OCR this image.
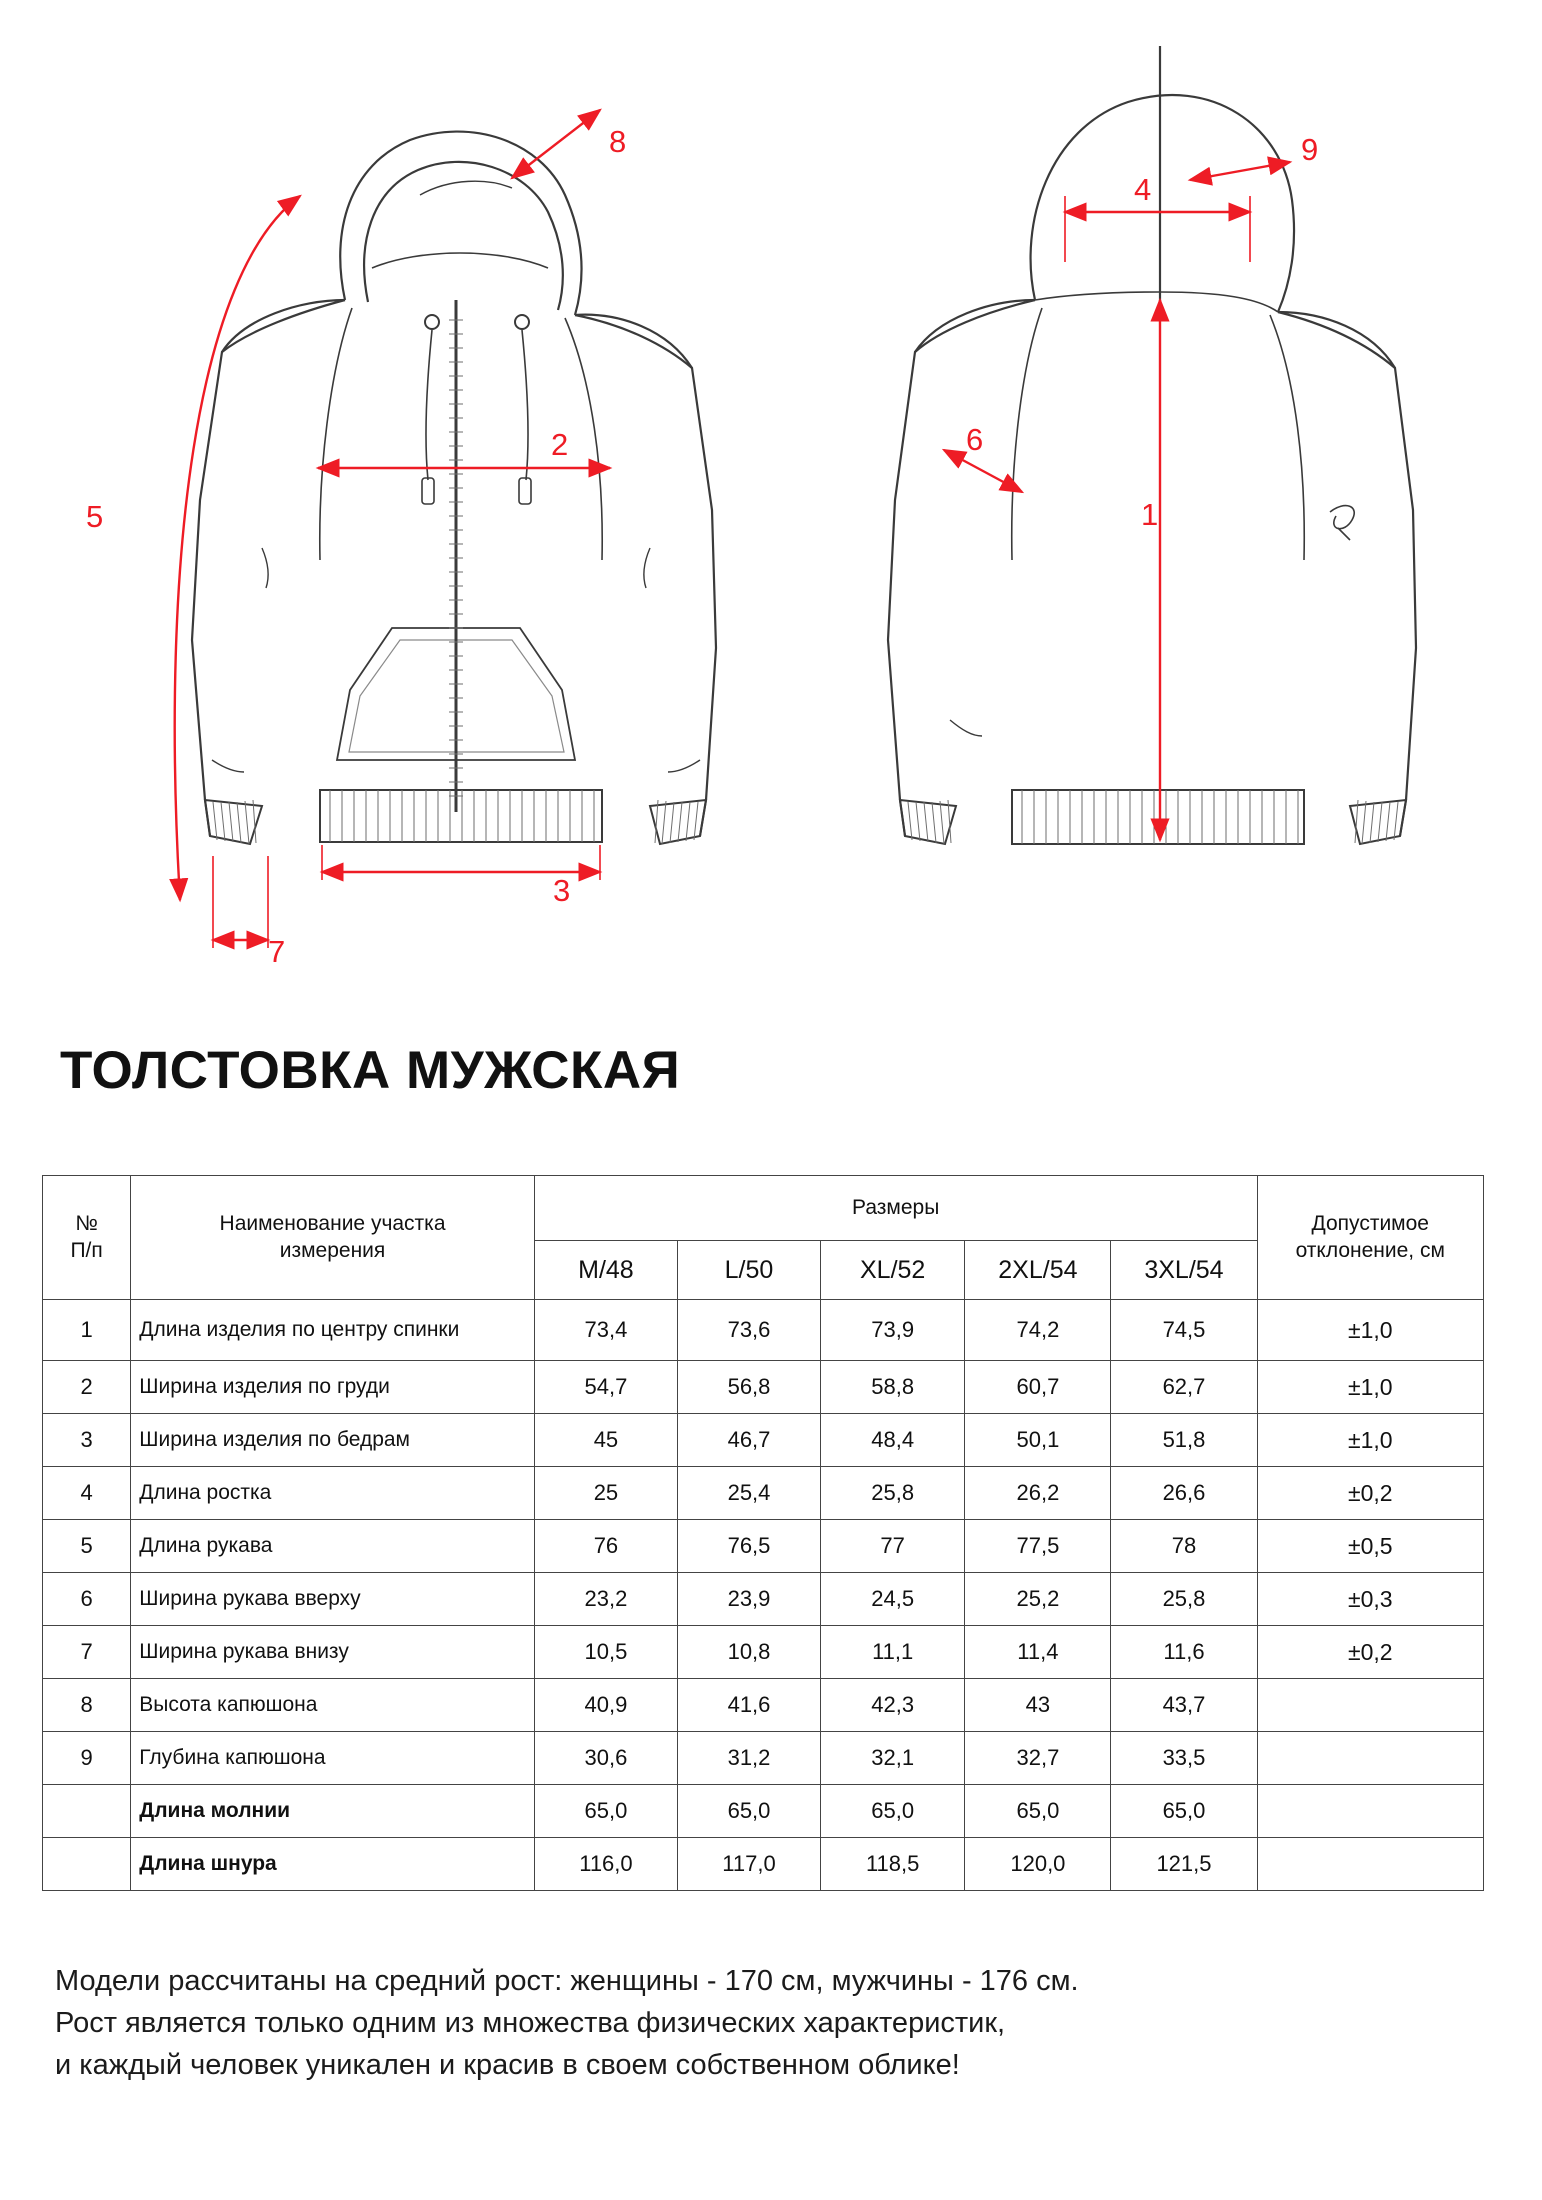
8
2
5
3
7
9
4
6
1
ТОЛСТОВКА МУЖСКАЯ
№
П/п

Наименование участка
измерения
	Размеры	
Допустимое
отклонение, см

		M/48	L/50	XL/52	2XL/54	3XL/54	
1	Длина изделия по центру спинки	73,4	73,6	73,9	74,2	74,5	±1,0
2	Ширина изделия по груди	54,7	56,8	58,8	60,7	62,7	±1,0
3	Ширина изделия по бедрам	45	46,7	48,4	50,1	51,8	±1,0
4	Длина ростка	25	25,4	25,8	26,2	26,6	±0,2
5	Длина рукава	76	76,5	77	77,5	78	±0,5
6	Ширина рукава вверху	23,2	23,9	24,5	25,2	25,8	±0,3
7	Ширина рукава внизу	10,5	10,8	11,1	11,4	11,6	±0,2
8	Высота капюшона	40,9	41,6	42,3	43	43,7	
9	Глубина капюшона	30,6	31,2	32,1	32,7	33,5	
	Длина молнии	65,0	65,0	65,0	65,0	65,0	
	Длина шнура	116,0	117,0	118,5	120,0	121,5	
Модели рассчитаны на средний рост: женщины - 170 см, мужчины - 176 см.
Рост является только одним из множества физических характеристик,
и каждый человек уникален и красив в своем собственном облике!
